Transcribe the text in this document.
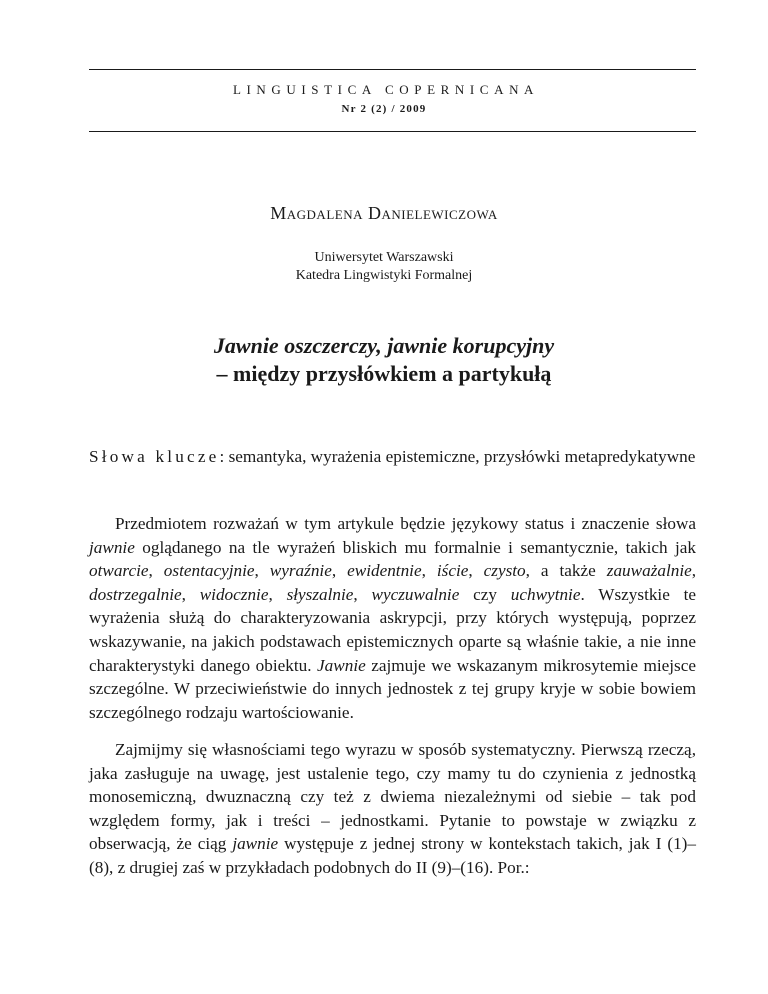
LINGUISTICA COPERNICANA
Nr 2 (2) / 2009
Magdalena Danielewiczowa
Uniwersytet Warszawski
Katedra Lingwistyki Formalnej
Jawnie oszczerczy, jawnie korupcyjny
– między przysłówkiem a partykułą
Słowa klucze: semantyka, wyrażenia epistemiczne, przysłówki metapredykatywne

Przedmiotem rozważań w tym artykule będzie językowy status i znaczenie słowa jawnie oglądanego na tle wyrażeń bliskich mu formalnie i semantycznie, takich jak otwarcie, ostentacyjnie, wyraźnie, ewidentnie, iście, czysto, a także zauważalnie, dostrzegalnie, widocznie, słyszalnie, wyczuwalnie czy uchwytnie. Wszystkie te wyrażenia służą do charakteryzowania askrypcji, przy których występują, poprzez wskazywanie, na jakich podstawach epistemicznych oparte są właśnie takie, a nie inne charakterystyki danego obiektu. Jawnie zajmuje we wskazanym mikrosytemie miejsce szczególne. W przeciwieństwie do innych jednostek z tej grupy kryje w sobie bowiem szczególnego rodzaju wartościowanie.

Zajmijmy się własnościami tego wyrazu w sposób systematyczny. Pierwszą rzeczą, jaka zasługuje na uwagę, jest ustalenie tego, czy mamy tu do czynienia z jednostką monosemiczną, dwuznaczną czy też z dwiema niezależnymi od siebie – tak pod względem formy, jak i treści – jednostkami. Pytanie to powstaje w związku z obserwacją, że ciąg jawnie występuje z jednej strony w kontekstach takich, jak I (1)–(8), z drugiej zaś w przykładach podobnych do II (9)–(16). Por.:
